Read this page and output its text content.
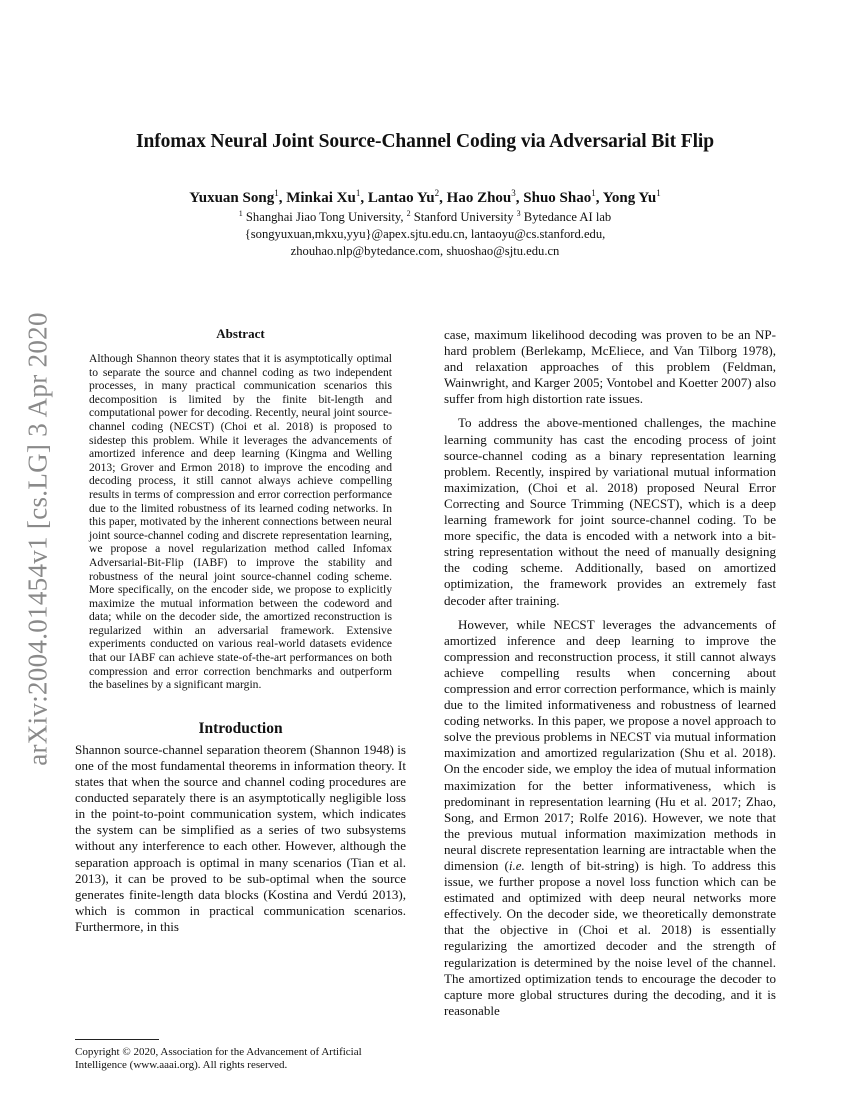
arXiv:2004.01454v1 [cs.LG] 3 Apr 2020
Infomax Neural Joint Source-Channel Coding via Adversarial Bit Flip
Yuxuan Song$^1$, Minkai Xu$^1$, Lantao Yu$^2$, Hao Zhou$^3$, Shuo Shao$^1$, Yong Yu$^1$
$^1$ Shanghai Jiao Tong University, $^2$ Stanford University $^3$ Bytedance AI lab
{songyuxuan,mkxu,yyu}@apex.sjtu.edu.cn, lantaoyu@cs.stanford.edu,
zhouhao.nlp@bytedance.com, shuoshao@sjtu.edu.cn
Abstract

Although Shannon theory states that it is asymptotically optimal to separate the source and channel coding as two independent processes, in many practical communication scenarios this decomposition is limited by the finite bit-length and computational power for decoding. Recently, neural joint source-channel coding (NECST) (Choi et al. 2018) is proposed to sidestep this problem. While it leverages the advancements of amortized inference and deep learning (Kingma and Welling 2013; Grover and Ermon 2018) to improve the encoding and decoding process, it still cannot always achieve compelling results in terms of compression and error correction performance due to the limited robustness of its learned coding networks. In this paper, motivated by the inherent connections between neural joint source-channel coding and discrete representation learning, we propose a novel regularization method called Infomax Adversarial-Bit-Flip (IABF) to improve the stability and robustness of the neural joint source-channel coding scheme. More specifically, on the encoder side, we propose to explicitly maximize the mutual information between the codeword and data; while on the decoder side, the amortized reconstruction is regularized within an adversarial framework. Extensive experiments conducted on various real-world datasets evidence that our IABF can achieve state-of-the-art performances on both compression and error correction benchmarks and outperform the baselines by a significant margin.

Introduction

Shannon source-channel separation theorem (Shannon 1948) is one of the most fundamental theorems in information theory. It states that when the source and channel coding procedures are conducted separately there is an asymptotically negligible loss in the point-to-point communication system, which indicates the system can be simplified as a series of two subsystems without any interference to each other. However, although the separation approach is optimal in many scenarios (Tian et al. 2013), it can be proved to be sub-optimal when the source generates finite-length data blocks (Kostina and Verdú 2013), which is common in practical communication scenarios. Furthermore, in this

case, maximum likelihood decoding was proven to be an NP-hard problem (Berlekamp, McEliece, and Van Tilborg 1978), and relaxation approaches of this problem (Feldman, Wainwright, and Karger 2005; Vontobel and Koetter 2007) also suffer from high distortion rate issues.

To address the above-mentioned challenges, the machine learning community has cast the encoding process of joint source-channel coding as a binary representation learning problem. Recently, inspired by variational mutual information maximization, (Choi et al. 2018) proposed Neural Error Correcting and Source Trimming (NECST), which is a deep learning framework for joint source-channel coding. To be more specific, the data is encoded with a network into a bit-string representation without the need of manually designing the coding scheme. Additionally, based on amortized optimization, the framework provides an extremely fast decoder after training.

However, while NECST leverages the advancements of amortized inference and deep learning to improve the compression and reconstruction process, it still cannot always achieve compelling results when concerning about compression and error correction performance, which is mainly due to the limited informativeness and robustness of learned coding networks. In this paper, we propose a novel approach to solve the previous problems in NECST via mutual information maximization and amortized regularization (Shu et al. 2018). On the encoder side, we employ the idea of mutual information maximization for the better informativeness, which is predominant in representation learning (Hu et al. 2017; Zhao, Song, and Ermon 2017; Rolfe 2016). However, we note that the previous mutual information maximization methods in neural discrete representation learning are intractable when the dimension (i.e. length of bit-string) is high. To address this issue, we further propose a novel loss function which can be estimated and optimized with deep neural networks more effectively. On the decoder side, we theoretically demonstrate that the objective in (Choi et al. 2018) is essentially regularizing the amortized decoder and the strength of regularization is determined by the noise level of the channel. The amortized optimization tends to encourage the decoder to capture more global structures during the decoding, and it is reasonable

Copyright © 2020, Association for the Advancement of Artificial Intelligence (www.aaai.org). All rights reserved.
